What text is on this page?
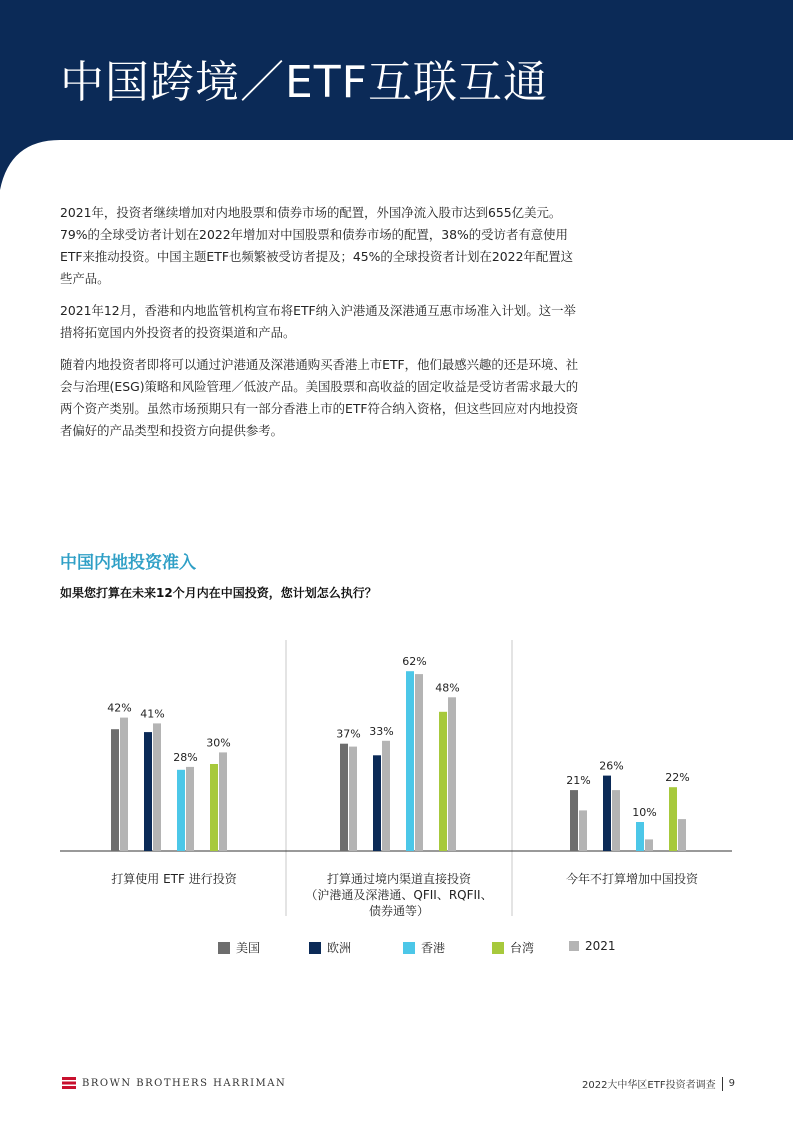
中国跨境／ETF互联互通

2021年，投资者继续增加对内地股票和债券市场的配置，外国净流入股市达到655亿美元。79%的全球受访者计划在2022年增加对中国股票和债券市场的配置，38%的受访者有意使用ETF来推动投资。中国主题ETF也频繁被受访者提及；45%的全球投资者计划在2022年配置这些产品。

2021年12月，香港和内地监管机构宣布将ETF纳入沪港通及深港通互惠市场准入计划。这一举措将拓宽国内外投资者的投资渠道和产品。

随着内地投资者即将可以通过沪港通及深港通购买香港上市ETF，他们最感兴趣的还是环境、社会与治理(ESG)策略和风险管理／低波产品。美国股票和高收益的固定收益是受访者需求最大的两个资产类别。虽然市场预期只有一部分香港上市的ETF符合纳入资格，但这些回应对内地投资者偏好的产品类型和投资方向提供参考。

中国内地投资准入
如果您打算在未来12个月内在中国投资，您计划怎么执行？
42%
37%
21%
41%
33%
26%
28%
62%
10%
30%
48%
22%
打算使用 ETF 进行投资	打算通过境内渠道直接投资
（沪港通及深港通、QFII、RQFII、
债券通等）
今年不打算增加中国投资
美国	欧洲	香港	台湾	2021
BROWN BROTHERS HARRIMAN	2022大中华区ETF投资者调查 9
